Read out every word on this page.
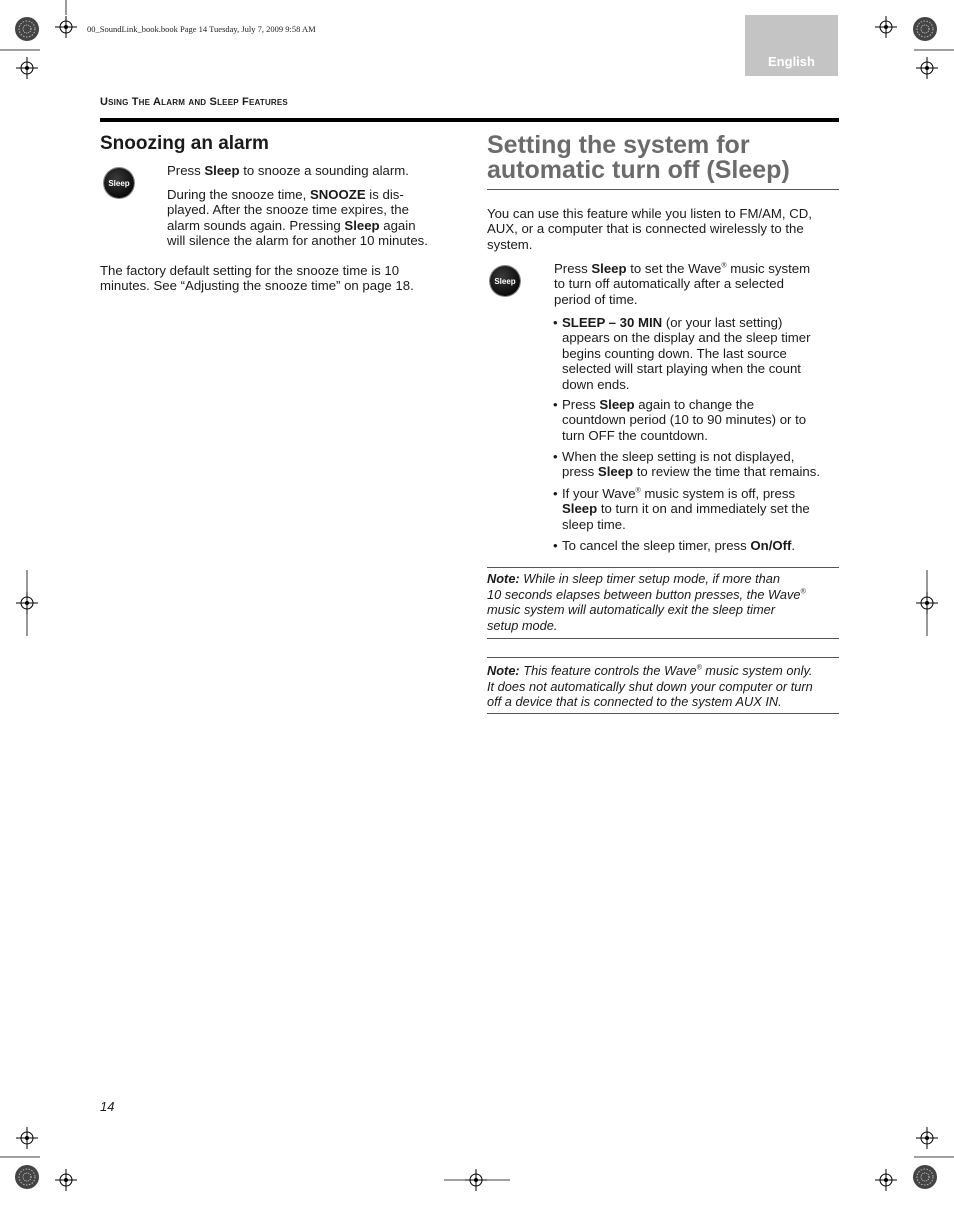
00_SoundLink_book.book Page 14 Tuesday, July 7, 2009 9:58 AM
English
Using The Alarm and Sleep Features
Snoozing an alarm
Sleep

Press Sleep to snooze a sounding alarm.

During the snooze time, SNOOZE is dis-
played. After the snooze time expires, the
alarm sounds again. Pressing Sleep again
will silence the alarm for another 10 minutes.

The factory default setting for the snooze time is 10
minutes. See “Adjusting the snooze time” on page 18.

Setting the system for
automatic turn off (Sleep)

You can use this feature while you listen to FM/AM, CD,
AUX, or a computer that is connected wirelessly to the
system.

Sleep

Press Sleep to set the Wave® music system
to turn off automatically after a selected
period of time.

• SLEEP – 30 MIN (or your last setting)
appears on the display and the sleep timer
begins counting down. The last source
selected will start playing when the count
down ends.
• Press Sleep again to change the
countdown period (10 to 90 minutes) or to
turn OFF the countdown.
• When the sleep setting is not displayed,
press Sleep to review the time that remains.
• If your Wave® music system is off, press
Sleep to turn it on and immediately set the
sleep time.
• To cancel the sleep timer, press On/Off.
Note: While in sleep timer setup mode, if more than
10 seconds elapses between button presses, the Wave®
music system will automatically exit the sleep timer
setup mode.
Note: This feature controls the Wave® music system only.
It does not automatically shut down your computer or turn
off a device that is connected to the system AUX IN.
14
